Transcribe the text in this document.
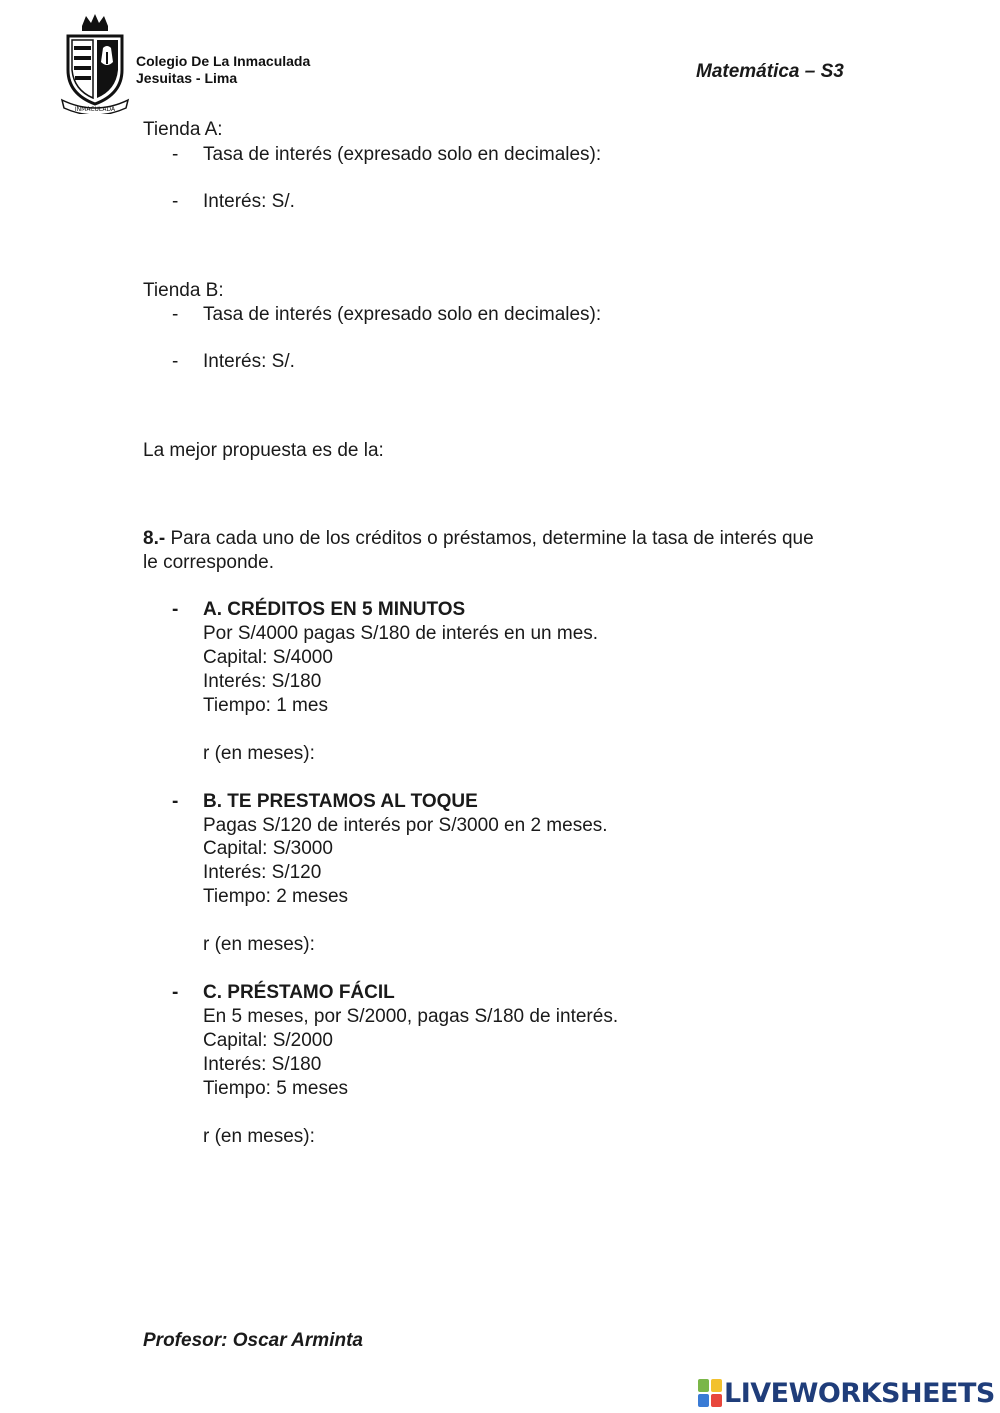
INMACULADA
Colegio De La Inmaculada
Jesuitas - Lima	Matemática – S3
Tienda A:
- Tasa de interés (expresado solo en decimales):
- Interés: S/.
Tienda B:
- Tasa de interés (expresado solo en decimales):
- Interés: S/.
La mejor propuesta es de la:
8.- Para cada uno de los créditos o préstamos, determine la tasa de interés que
le corresponde.
- A. CRÉDITOS EN 5 MINUTOS
Por S/4000 pagas S/180 de interés en un mes.
Capital: S/4000
Interés: S/180
Tiempo: 1 mes
r (en meses):
- B. TE PRESTAMOS AL TOQUE
Pagas S/120 de interés por S/3000 en 2 meses.
Capital: S/3000
Interés: S/120
Tiempo: 2 meses
r (en meses):
- C. PRÉSTAMO FÁCIL
En 5 meses, por S/2000, pagas S/180 de interés.
Capital: S/2000
Interés: S/180
Tiempo: 5 meses
r (en meses):
Profesor: Oscar Arminta
LIVEWORKSHEETS
